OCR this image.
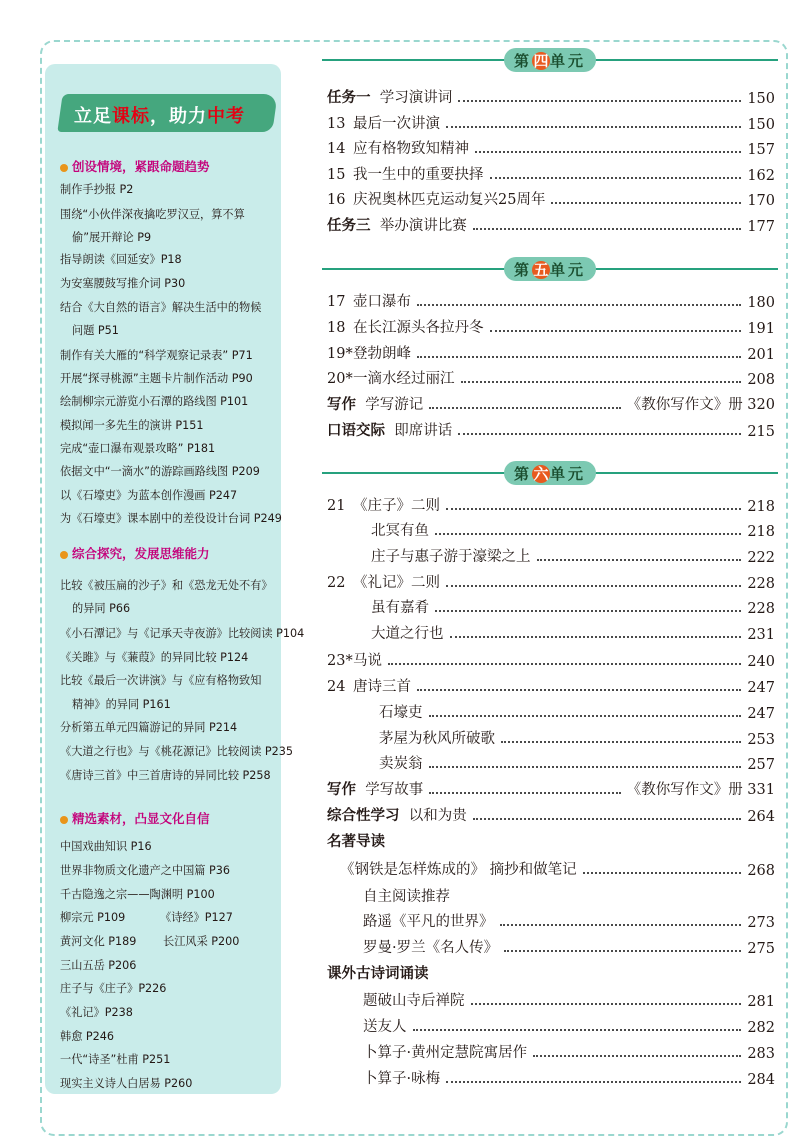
立足课标，助力中考
创设情境，紧跟命题趋势
制作手抄报 P2
围绕“小伙伴深夜擒吃罗汉豆，算不算
偷”展开辩论 P9
指导朗读《回延安》P18
为安塞腰鼓写推介词 P30
结合《大自然的语言》解决生活中的物候
问题 P51
制作有关大雁的“科学观察记录表” P71
开展“探寻桃源”主题卡片制作活动 P90
绘制柳宗元游览小石潭的路线图 P101
模拟闻一多先生的演讲 P151
完成“壶口瀑布观景攻略” P181
依据文中“一滴水”的游踪画路线图 P209
以《石壕吏》为蓝本创作漫画 P247
为《石壕吏》课本剧中的差役设计台词 P249
综合探究，发展思维能力
比较《被压扁的沙子》和《恐龙无处不有》
的异同 P66
《小石潭记》与《记承天寺夜游》比较阅读 P104
《关雎》与《蒹葭》的异同比较 P124
比较《最后一次讲演》与《应有格物致知
精神》的异同 P161
分析第五单元四篇游记的异同 P214
《大道之行也》与《桃花源记》比较阅读 P235
《唐诗三首》中三首唐诗的异同比较 P258
精选素材，凸显文化自信
中国戏曲知识 P16
世界非物质文化遗产之中国篇 P36
千古隐逸之宗——陶渊明 P100
柳宗元 P109	《诗经》P127
黄河文化 P189 长江风采 P200
三山五岳 P206
庄子与《庄子》P226
《礼记》P238
韩愈 P246
一代“诗圣”杜甫 P251
现实主义诗人白居易 P260
第四 单元
第五 单元
第六 单元
任务一 学习演讲词	150
13 最后一次讲演	150
14 应有格物致知精神	157
15 我一生中的重要抉择	162
16 庆祝奥林匹克运动复兴25周年	170
任务三 举办演讲比赛	177
17 壶口瀑布	180
18 在长江源头各拉丹冬	191
19*登勃朗峰	201
20*一滴水经过丽江	208
写作 学写游记	《教你写作文》册 320
口语交际 即席讲话	215
21 《庄子》二则	218
北冥有鱼	218
庄子与惠子游于濠梁之上	222
22 《礼记》二则	228
虽有嘉肴	228
大道之行也	231
23*马说	240
24 唐诗三首	247
石壕吏	247
茅屋为秋风所破歌	253
卖炭翁	257
写作 学写故事	《教你写作文》册 331
综合性学习 以和为贵	264
名著导读
《钢铁是怎样炼成的》 摘抄和做笔记	268
自主阅读推荐
路遥《平凡的世界》	273
罗曼·罗兰《名人传》	275
课外古诗词诵读
题破山寺后禅院	281
送友人	282
卜算子·黄州定慧院寓居作	283
卜算子·咏梅	284
